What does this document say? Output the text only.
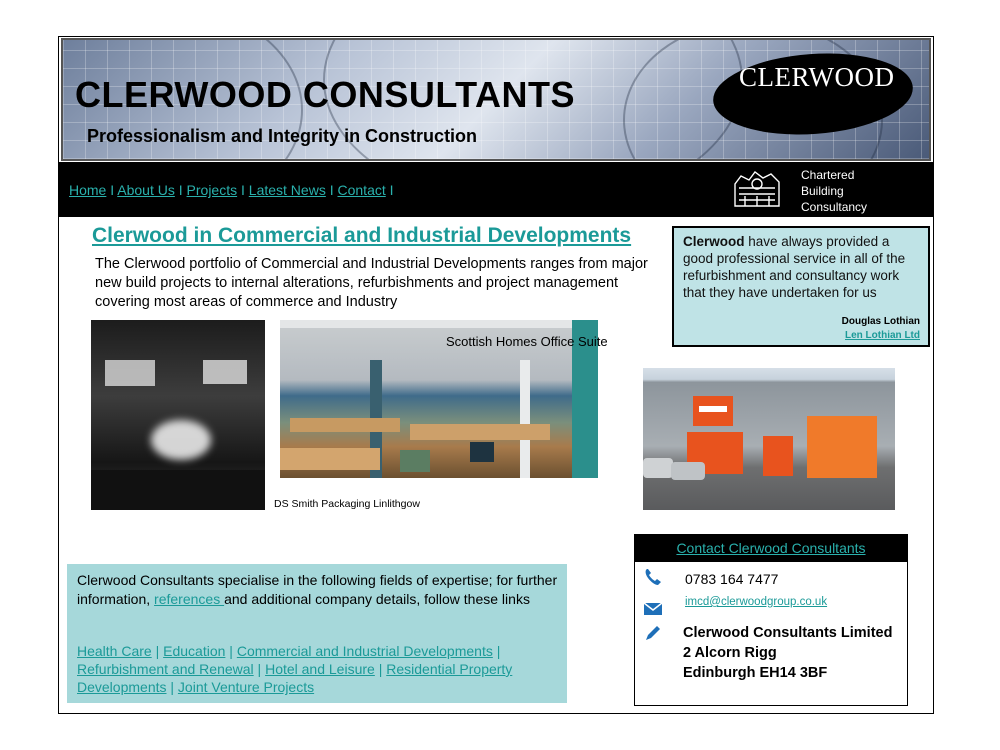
CLERWOOD CONSULTANTS
Professionalism and Integrity in Construction
CLERWOOD
Home I About Us I Projects I Latest News I Contact I
Chartered
Building
Consultancy
Clerwood in Commercial and Industrial Developments
The Clerwood portfolio of Commercial and Industrial Developments ranges from major new build projects to internal alterations, refurbishments and project management covering most areas of commerce and Industry
Clerwood have always provided a good professional service in all of the refurbishment and consultancy work that they have undertaken for us
Douglas Lothian
Len Lothian Ltd
Scottish Homes Office Suite
DS Smith Packaging Linlithgow
Clerwood Consultants specialise in the following fields of expertise; for further information, references and additional company details, follow these links
Health Care | Education | Commercial and Industrial Developments | Refurbishment and Renewal | Hotel and Leisure | Residential Property Developments | Joint Venture Projects
Contact Clerwood Consultants
0783 164 7477
imcd@clerwoodgroup.co.uk
Clerwood Consultants Limited
2 Alcorn Rigg
Edinburgh EH14 3BF
